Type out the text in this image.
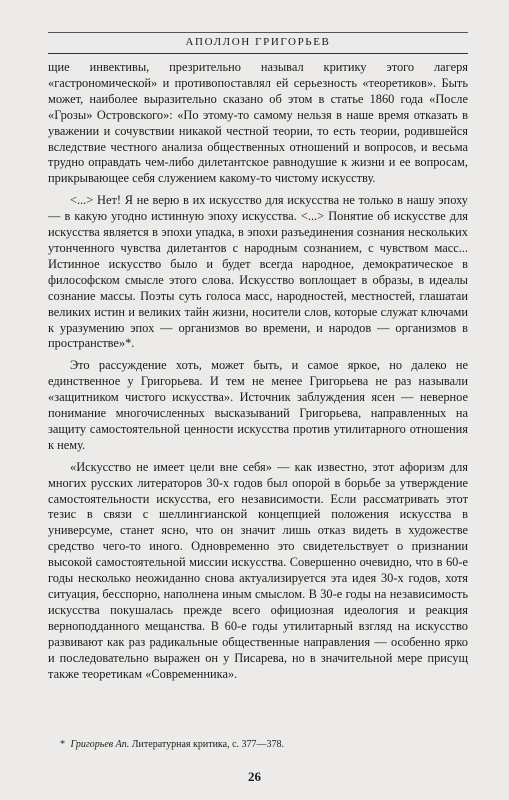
АПОЛЛОН ГРИГОРЬЕВ

щие инвективы, презрительно называл критику этого лагеря «гастрономической» и противопоставлял ей серьезность «теоретиков». Быть может, наиболее выразительно сказано об этом в статье 1860 года «После «Грозы» Островского»: «По этому-то самому нельзя в наше время отказать в уважении и сочувствии никакой честной теории, то есть теории, родившейся вследствие честного анализа общественных отношений и вопросов, и весьма трудно оправдать чем-либо дилетантское равнодушие к жизни и ее вопросам, прикрывающее себя служением какому-то чистому искусству.

<...> Нет! Я не верю в их искусство для искусства не только в нашу эпоху — в какую угодно истинную эпоху искусства. <...> Понятие об искусстве для искусства является в эпохи упадка, в эпохи разъединения сознания нескольких утонченного чувства дилетантов с народным сознанием, с чувством масс... Истинное искусство было и будет всегда народное, демократическое в философском смысле этого слова. Искусство воплощает в образы, в идеалы сознание массы. Поэты суть голоса масс, народностей, местностей, глашатаи великих истин и великих тайн жизни, носители слов, которые служат ключами к уразумению эпох — организмов во времени, и народов — организмов в пространстве»*.

Это рассуждение хоть, может быть, и самое яркое, но далеко не единственное у Григорьева. И тем не менее Григорьева не раз называли «защитником чистого искусства». Источник заблуждения ясен — неверное понимание многочисленных высказываний Григорьева, направленных на защиту самостоятельной ценности искусства против утилитарного отношения к нему.

«Искусство не имеет цели вне себя» — как известно, этот афоризм для многих русских литераторов 30-х годов был опорой в борьбе за утверждение самостоятельности искусства, его независимости. Если рассматривать этот тезис в связи с шеллингианской концепцией положения искусства в универсуме, станет ясно, что он значит лишь отказ видеть в художестве средство чего-то иного. Одновременно это свидетельствует о признании высокой самостоятельной миссии искусства. Совершенно очевидно, что в 60-е годы несколько неожиданно снова актуализируется эта идея 30-х годов, хотя ситуация, бесспорно, наполнена иным смыслом. В 30-е годы на независимость искусства покушалась прежде всего официозная идеология и реакция верноподданного мещанства. В 60-е годы утилитарный взгляд на искусство развивают как раз радикальные общественные направления — особенно ярко и последовательно выражен он у Писарева, но в значительной мере присущ также теоретикам «Современника».

* Григорьев Ап. Литературная критика, с. 377—378.
26
